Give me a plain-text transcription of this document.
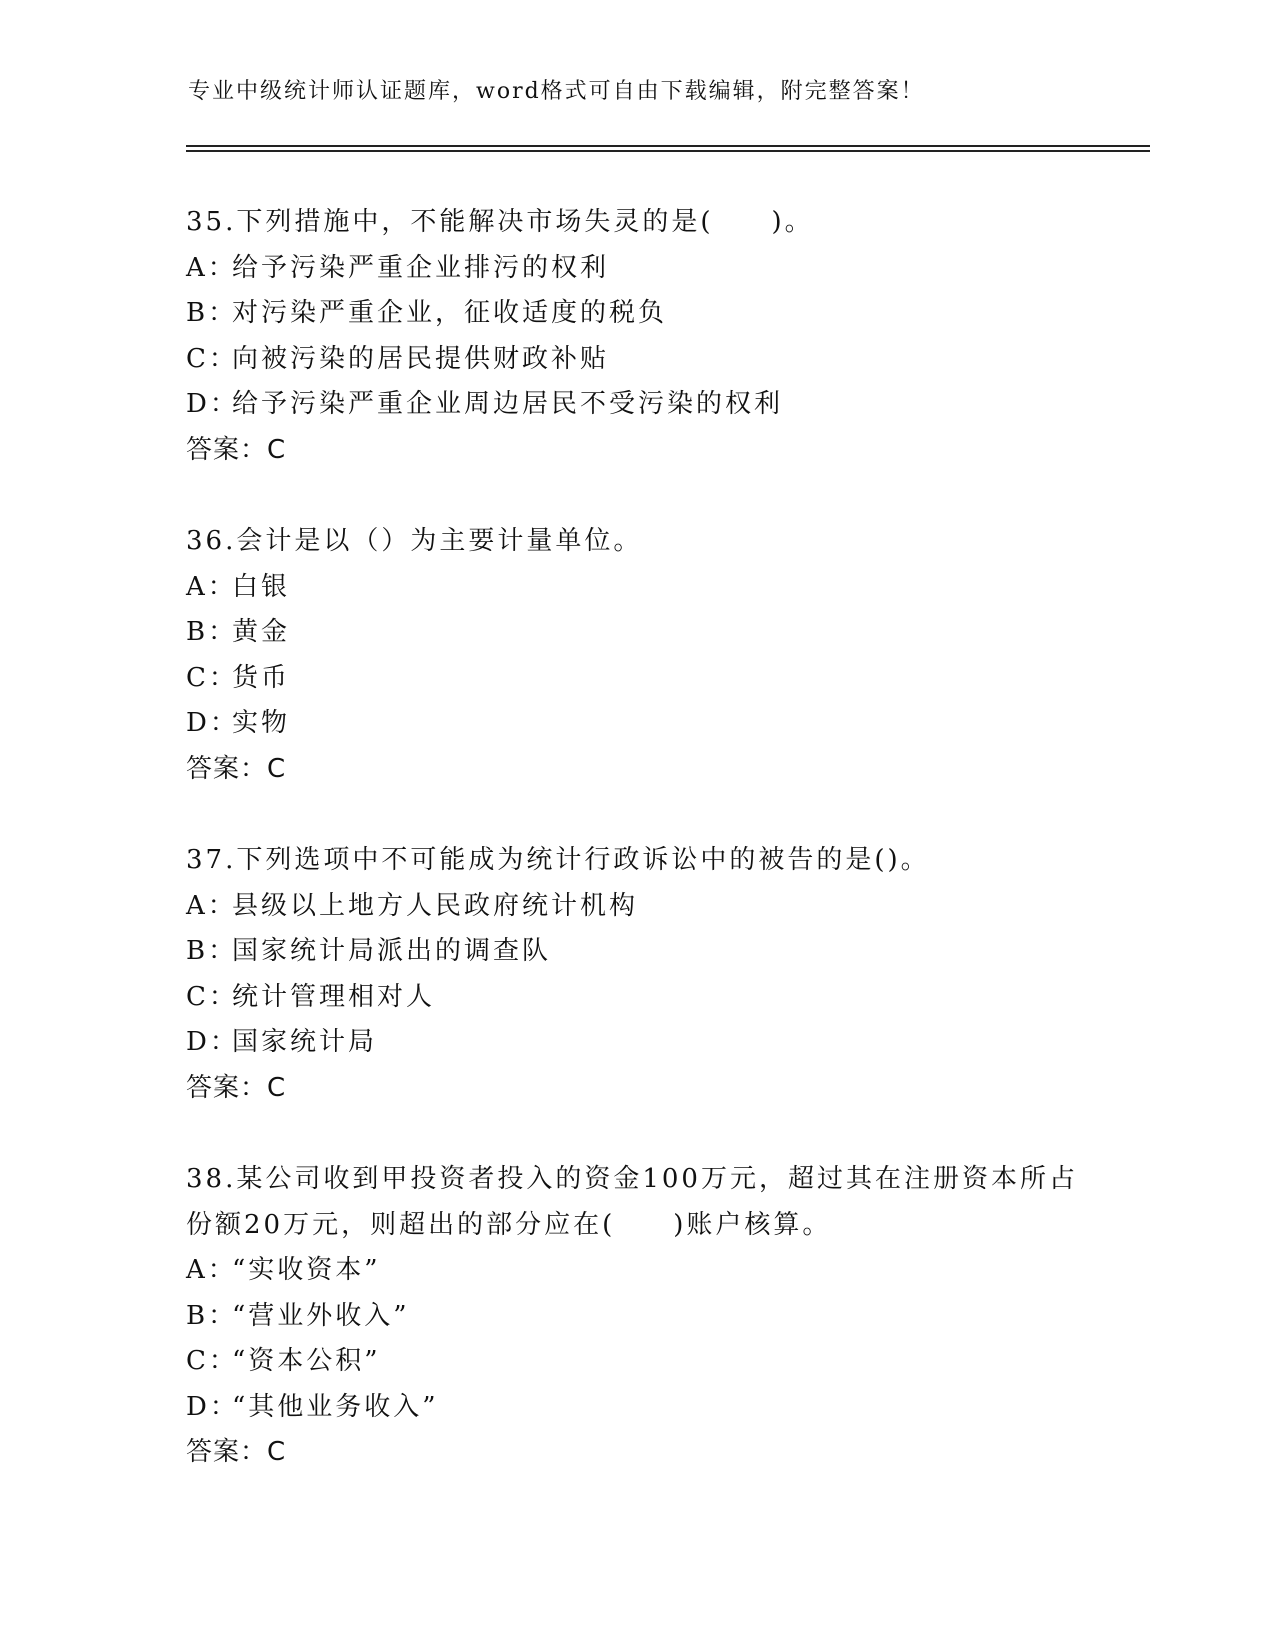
专业中级统计师认证题库，word格式可自由下载编辑，附完整答案！
35.下列措施中，不能解决市场失灵的是(　　)。
A：给予污染严重企业排污的权利
B：对污染严重企业，征收适度的税负
C：向被污染的居民提供财政补贴
D：给予污染严重企业周边居民不受污染的权利
答案：C
36.会计是以（）为主要计量单位。
A：白银
B：黄金
C：货币
D：实物
答案：C
37.下列选项中不可能成为统计行政诉讼中的被告的是()。
A：县级以上地方人民政府统计机构
B：国家统计局派出的调查队
C：统计管理相对人
D：国家统计局
答案：C
38.某公司收到甲投资者投入的资金100万元，超过其在注册资本所占
份额20万元，则超出的部分应在(　　)账户核算。
A：“实收资本”
B：“营业外收入”
C：“资本公积”
D：“其他业务收入”
答案：C
